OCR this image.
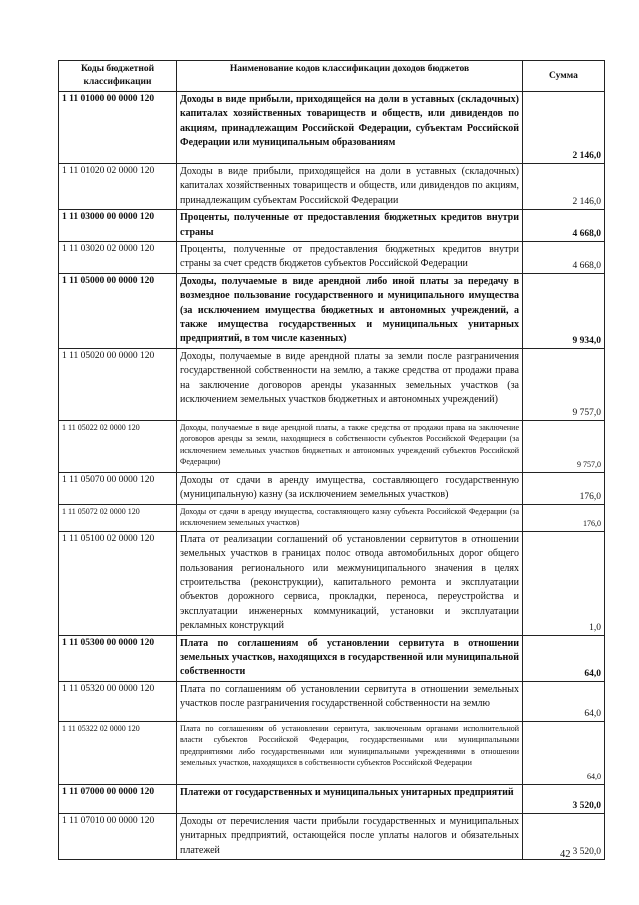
Коды бюджетной классификации	Наименование кодов классификации доходов бюджетов	Сумма
1 11 01000 00 0000 120	Доходы в виде прибыли, приходящейся на доли в уставных (складочных) капиталах хозяйственных товариществ и обществ, или дивидендов по акциям, принадлежащим Российской Федерации, субъектам Российской Федерации или муниципальным образованиям	2 146,0
1 11 01020 02 0000 120	Доходы в виде прибыли, приходящейся на доли в уставных (складочных) капиталах хозяйственных товариществ и обществ, или дивидендов по акциям, принадлежащим субъектам Российской Федерации	2 146,0
1 11 03000 00 0000 120	Проценты, полученные от предоставления бюджетных кредитов внутри страны	4 668,0
1 11 03020 02 0000 120	Проценты, полученные от предоставления бюджетных кредитов внутри страны за счет средств бюджетов субъектов Российской Федерации	4 668,0
1 11 05000 00 0000 120	Доходы, получаемые в виде арендной либо иной платы за передачу в возмездное пользование государственного и муниципального имущества (за исключением имущества бюджетных и автономных учреждений, а также имущества государственных и муниципальных унитарных предприятий, в том числе казенных)	9 934,0
1 11 05020 00 0000 120	Доходы, получаемые в виде арендной платы за земли после разграничения государственной собственности на землю, а также средства от продажи права на заключение договоров аренды указанных земельных участков (за исключением земельных участков бюджетных и автономных учреждений)	9 757,0
1 11 05022 02 0000 120	Доходы, получаемые в виде арендной платы, а также средства от продажи права на заключение договоров аренды за земли, находящиеся в собственности субъектов Российской Федерации (за исключением земельных участков бюджетных и автономных учреждений субъектов Российской Федерации)	9 757,0
1 11 05070 00 0000 120	Доходы от сдачи в аренду имущества, составляющего государственную (муниципальную) казну (за исключением земельных участков)	176,0
1 11 05072 02 0000 120	Доходы от сдачи в аренду имущества, составляющего казну субъекта Российской Федерации (за исключением земельных участков)	176,0
1 11 05100 02 0000 120	Плата от реализации соглашений об установлении сервитутов в отношении земельных участков в границах полос отвода автомобильных дорог общего пользования регионального или межмуниципального значения в целях строительства (реконструкции), капитального ремонта и эксплуатации объектов дорожного сервиса, прокладки, переноса, переустройства и эксплуатации инженерных коммуникаций, установки и эксплуатации рекламных конструкций	1,0
1 11 05300 00 0000 120	Плата по соглашениям об установлении сервитута в отношении земельных участков, находящихся в государственной или муниципальной собственности	64,0
1 11 05320 00 0000 120	Плата по соглашениям об установлении сервитута в отношении земельных участков после разграничения государственной собственности на землю	64,0
1 11 05322 02 0000 120	Плата по соглашениям об установлении сервитута, заключенным органами исполнительной власти субъектов Российской Федерации, государственными или муниципальными предприятиями либо государственными или муниципальными учреждениями в отношении земельных участков, находящихся в собственности субъектов Российской Федерации	64,0
1 11 07000 00 0000 120	Платежи от государственных и муниципальных унитарных предприятий	3 520,0
1 11 07010 00 0000 120	Доходы от перечисления части прибыли государственных и муниципальных унитарных предприятий, остающейся после уплаты налогов и обязательных платежей	3 520,0
42
